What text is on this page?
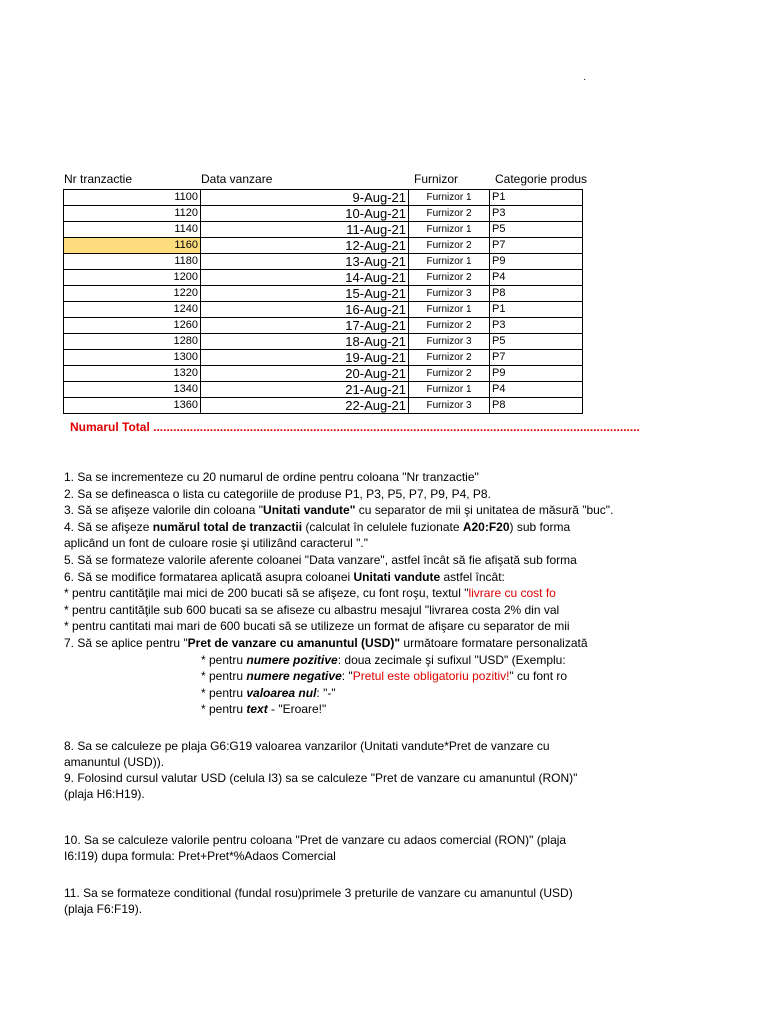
·
Nr tranzactie	Data vanzare	Furnizor	Categorie produs
1100	9-Aug-21	Furnizor 1	P1
1120	10-Aug-21	Furnizor 2	P3
1140	11-Aug-21	Furnizor 1	P5
1160	12-Aug-21	Furnizor 2	P7
1180	13-Aug-21	Furnizor 1	P9
1200	14-Aug-21	Furnizor 2	P4
1220	15-Aug-21	Furnizor 3	P8
1240	16-Aug-21	Furnizor 1	P1
1260	17-Aug-21	Furnizor 2	P3
1280	18-Aug-21	Furnizor 3	P5
1300	19-Aug-21	Furnizor 2	P7
1320	20-Aug-21	Furnizor 2	P9
1340	21-Aug-21	Furnizor 1	P4
1360	22-Aug-21	Furnizor 3	P8
Numarul Total ..................................................................................................................................................
1. Sa se incrementeze cu 20 numarul de ordine pentru coloana "Nr tranzactie"
2. Sa se defineasca o lista cu categoriile de produse P1, P3, P5, P7, P9, P4, P8.
3. Să se afişeze valorile din coloana "Unitati vandute" cu separator de mii şi unitatea de măsură "buc".
4. Să se afişeze numărul total de tranzactii (calculat în celulele fuzionate A20:F20) sub forma
aplicând un font de culoare rosie şi utilizând caracterul "."
5. Să se formateze valorile aferente coloanei "Data vanzare", astfel încât să fie afişată sub forma
6. Să se modifice formatarea aplicată asupra coloanei Unitati vandute astfel încât:
* pentru cantităţile mai mici de 200 bucati să se afişeze, cu font roşu, textul "livrare cu cost fo
* pentru cantităţile sub 600 bucati sa se afiseze cu albastru mesajul "livrarea costa 2% din val
* pentru cantitati mai mari de 600 bucati să se utilizeze un format de afişare cu separator de mii
7. Să se aplice pentru "Pret de vanzare cu amanuntul (USD)" următoare formatare personalizată
* pentru numere pozitive: doua zecimale şi sufixul "USD" (Exemplu:
* pentru numere negative: "Pretul este obligatoriu pozitiv!" cu font ro
* pentru valoarea nul: "-"
* pentru text - "Eroare!"
8. Sa se calculeze pe plaja G6:G19 valoarea vanzarilor (Unitati vandute*Pret de vanzare cu amanuntul (USD)).
9. Folosind cursul valutar USD (celula I3) sa se calculeze "Pret de vanzare cu amanuntul (RON)" (plaja H6:H19).
10. Sa se calculeze valorile pentru coloana "Pret de vanzare cu adaos comercial (RON)" (plaja I6:I19) dupa formula: Pret+Pret*%Adaos Comercial
11. Sa se formateze conditional (fundal rosu)primele 3 preturile de vanzare cu amanuntul (USD) (plaja F6:F19).
